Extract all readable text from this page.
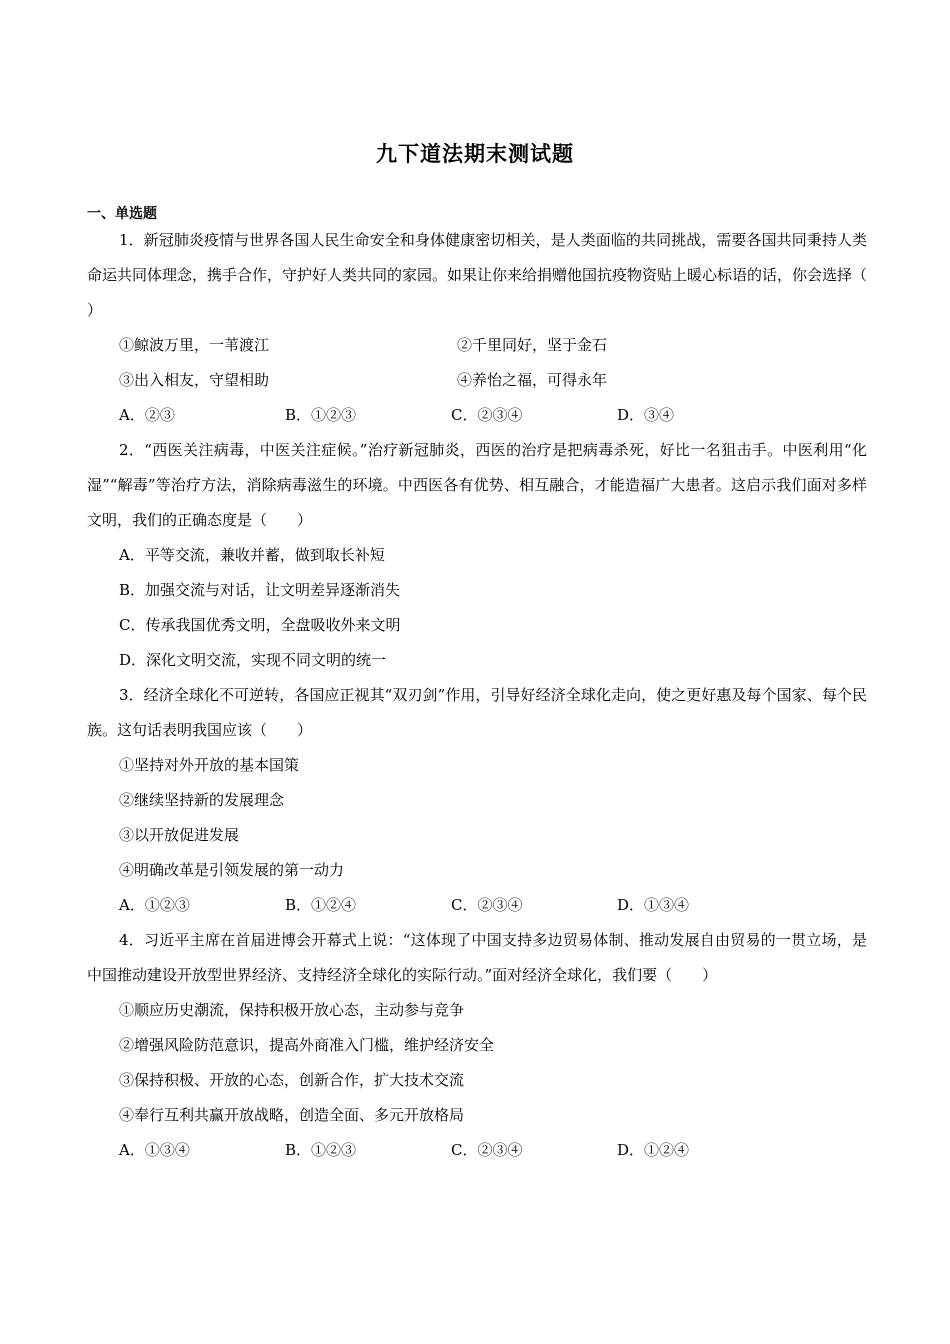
九下道法期末测试题
一、单选题
1．新冠肺炎疫情与世界各国人民生命安全和身体健康密切相关，是人类面临的共同挑战，需要各国共同秉持人类命运共同体理念，携手合作，守护好人类共同的家园。如果让你来给捐赠他国抗疫物资贴上暖心标语的话，你会选择（　　）
①鲸波万里，一苇渡江	②千里同好，坚于金石
③出入相友，守望相助	④养怡之福，可得永年
A．②③	B．①②③	C．②③④	D．③④
2．“西医关注病毒，中医关注症候。”治疗新冠肺炎，西医的治疗是把病毒杀死，好比一名狙击手。中医利用“化湿”“解毒”等治疗方法，消除病毒滋生的环境。中西医各有优势、相互融合，才能造福广大患者。这启示我们面对多样文明，我们的正确态度是（　　）
A．平等交流，兼收并蓄，做到取长补短
B．加强交流与对话，让文明差异逐渐消失
C．传承我国优秀文明，全盘吸收外来文明
D．深化文明交流，实现不同文明的统一
3．经济全球化不可逆转，各国应正视其“双刃剑”作用，引导好经济全球化走向，使之更好惠及每个国家、每个民族。这句话表明我国应该（　　）
①坚持对外开放的基本国策
②继续坚持新的发展理念
③以开放促进发展
④明确改革是引领发展的第一动力
A．①②③	B．①②④	C．②③④	D．①③④
4．习近平主席在首届进博会开幕式上说：“这体现了中国支持多边贸易体制、推动发展自由贸易的一贯立场，是中国推动建设开放型世界经济、支持经济全球化的实际行动。”面对经济全球化，我们要（　　）
①顺应历史潮流，保持积极开放心态，主动参与竞争
②增强风险防范意识，提高外商准入门槛，维护经济安全
③保持积极、开放的心态，创新合作，扩大技术交流
④奉行互利共赢开放战略，创造全面、多元开放格局
A．①③④	B．①②③	C．②③④	D．①②④
